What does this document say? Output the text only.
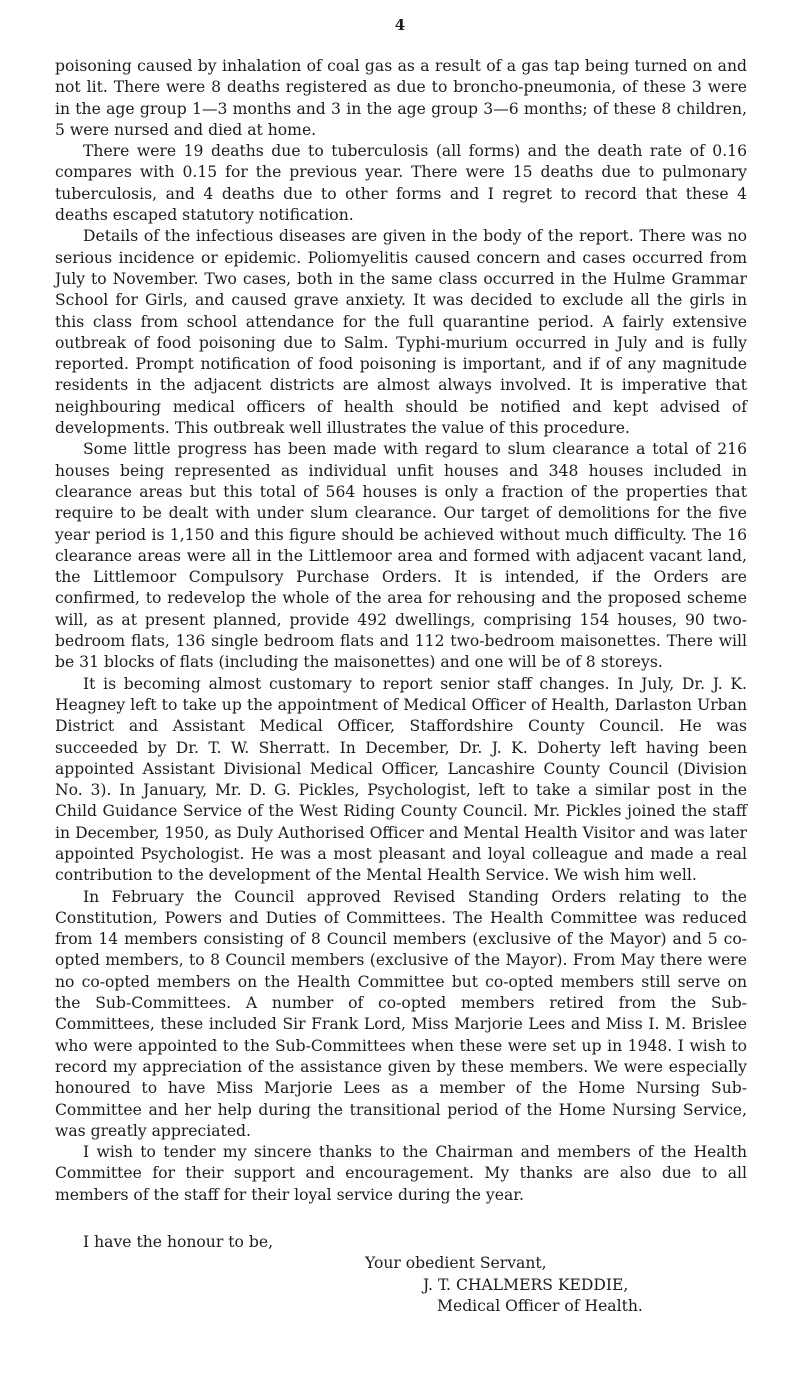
4

poisoning caused by inhalation of coal gas as a result of a gas tap being turned on and not lit. There were 8 deaths registered as due to broncho-pneumonia, of these 3 were in the age group 1—3 months and 3 in the age group 3—6 months; of these 8 children, 5 were nursed and died at home.

There were 19 deaths due to tuberculosis (all forms) and the death rate of 0.16 compares with 0.15 for the previous year. There were 15 deaths due to pulmonary tuberculosis, and 4 deaths due to other forms and I regret to record that these 4 deaths escaped statutory notification.

Details of the infectious diseases are given in the body of the report. There was no serious incidence or epidemic. Poliomyelitis caused concern and cases occurred from July to November. Two cases, both in the same class occurred in the Hulme Grammar School for Girls, and caused grave anxiety. It was decided to exclude all the girls in this class from school attendance for the full quarantine period. A fairly extensive outbreak of food poisoning due to Salm. Typhi-murium occurred in July and is fully reported. Prompt notification of food poisoning is important, and if of any magnitude residents in the adjacent districts are almost always involved. It is imperative that neighbouring medical officers of health should be notified and kept advised of developments. This outbreak well illustrates the value of this procedure.

Some little progress has been made with regard to slum clearance a total of 216 houses being represented as individual unfit houses and 348 houses included in clearance areas but this total of 564 houses is only a fraction of the properties that require to be dealt with under slum clearance. Our target of demolitions for the five year period is 1,150 and this figure should be achieved without much difficulty. The 16 clearance areas were all in the Littlemoor area and formed with adjacent vacant land, the Littlemoor Compulsory Purchase Orders. It is intended, if the Orders are confirmed, to redevelop the whole of the area for rehousing and the proposed scheme will, as at present planned, provide 492 dwellings, comprising 154 houses, 90 two-bedroom flats, 136 single bedroom flats and 112 two-bedroom maisonettes. There will be 31 blocks of flats (including the maisonettes) and one will be of 8 storeys.

It is becoming almost customary to report senior staff changes. In July, Dr. J. K. Heagney left to take up the appointment of Medical Officer of Health, Darlaston Urban District and Assistant Medical Officer, Staffordshire County Council. He was succeeded by Dr. T. W. Sherratt. In December, Dr. J. K. Doherty left having been appointed Assistant Divisional Medical Officer, Lancashire County Council (Division No. 3). In January, Mr. D. G. Pickles, Psychologist, left to take a similar post in the Child Guidance Service of the West Riding County Council. Mr. Pickles joined the staff in December, 1950, as Duly Authorised Officer and Mental Health Visitor and was later appointed Psychologist. He was a most pleasant and loyal colleague and made a real contribution to the development of the Mental Health Service. We wish him well.

In February the Council approved Revised Standing Orders relating to the Constitution, Powers and Duties of Committees. The Health Committee was reduced from 14 members consisting of 8 Council members (exclusive of the Mayor) and 5 co-opted members, to 8 Council members (exclusive of the Mayor). From May there were no co-opted members on the Health Committee but co-opted members still serve on the Sub-Committees. A number of co-opted members retired from the Sub-Committees, these included Sir Frank Lord, Miss Marjorie Lees and Miss I. M. Brislee who were appointed to the Sub-Committees when these were set up in 1948. I wish to record my appreciation of the assistance given by these members. We were especially honoured to have Miss Marjorie Lees as a member of the Home Nursing Sub-Committee and her help during the transitional period of the Home Nursing Service, was greatly appreciated.

I wish to tender my sincere thanks to the Chairman and members of the Health Committee for their support and encouragement. My thanks are also due to all members of the staff for their loyal service during the year.

I have the honour to be,
Your obedient Servant,
J. T. CHALMERS KEDDIE,
Medical Officer of Health.
